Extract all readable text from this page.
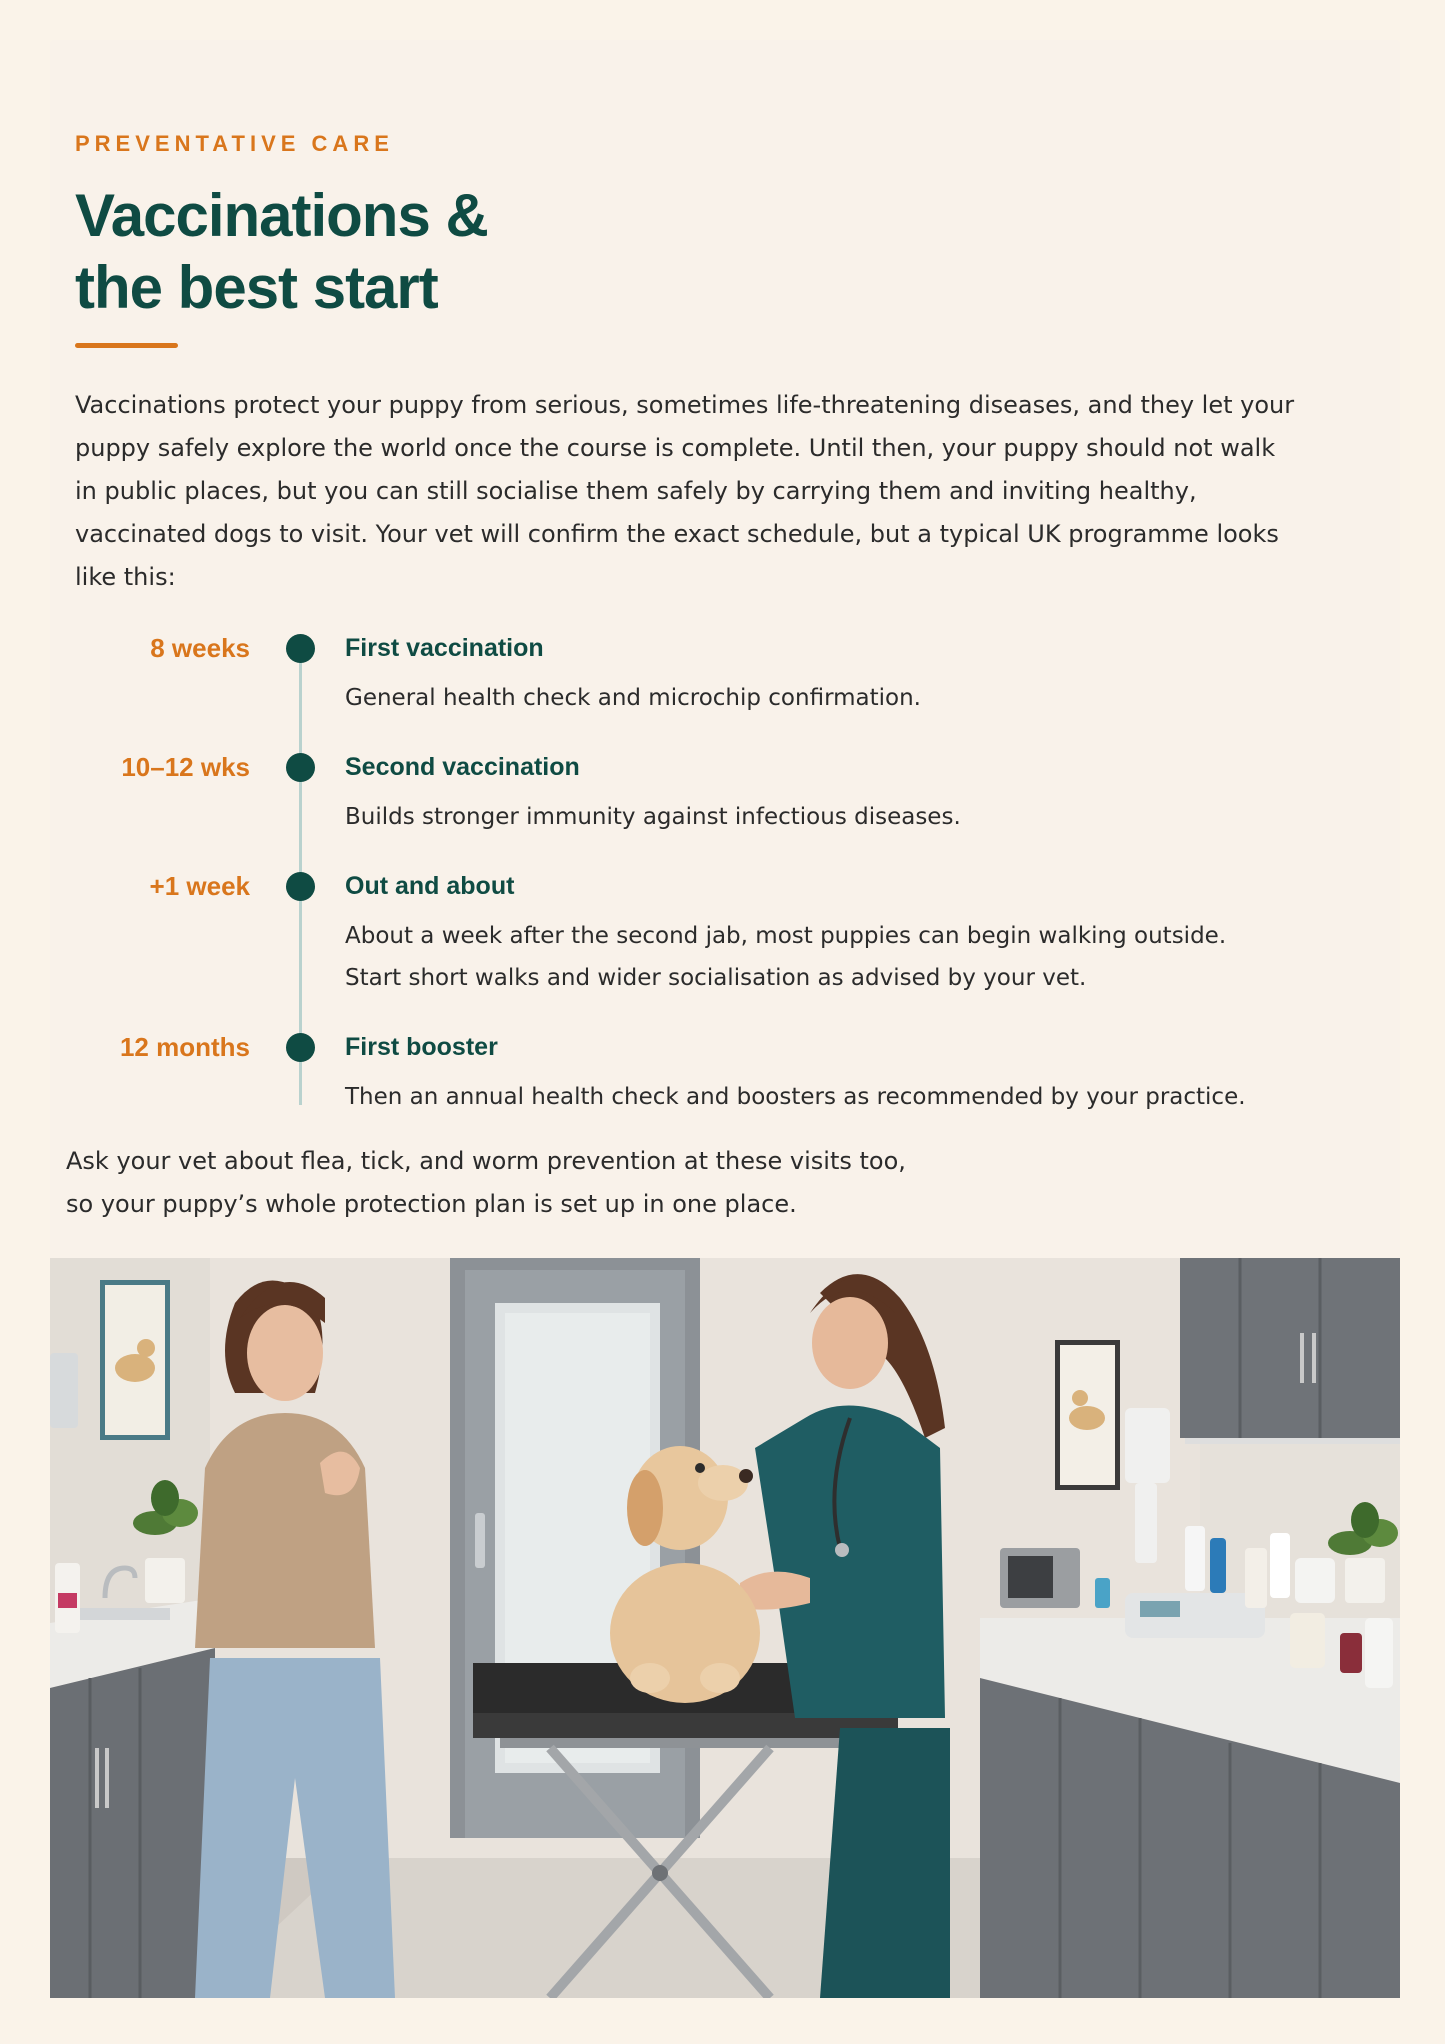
PREVENTATIVE CARE
Vaccinations &
the best start

Vaccinations protect your puppy from serious, sometimes life-threatening diseases, and they let your puppy safely explore the world once the course is complete. Until then, your puppy should not walk in public places, but you can still socialise them safely by carrying them and inviting healthy, vaccinated dogs to visit. Your vet will confirm the exact schedule, but a typical UK programme looks like this:

8 weeks	First vaccination
General health check and microchip confirmation.
10–12 wks	Second vaccination
Builds stronger immunity against infectious diseases.
+1 week	Out and about
About a week after the second jab, most puppies can begin walking outside.
Start short walks and wider socialisation as advised by your vet.
12 months	First booster
Then an annual health check and boosters as recommended by your practice.

Ask your vet about flea, tick, and worm prevention at these visits too,
so your puppy’s whole protection plan is set up in one place.
